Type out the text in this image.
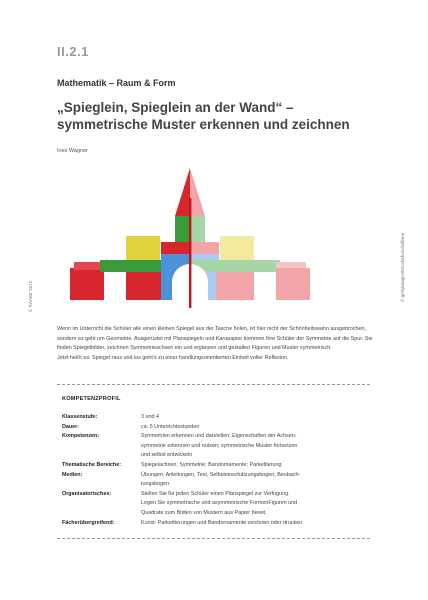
II.2.1
Mathematik – Raum & Form
„Spieglein, Spieglein an der Wand“ –
symmetrische Muster erkennen und zeichnen
Ines Wagner
© RAABE 2019	© gettyimages/iStockphoto/ioilbear

Wenn im Unterricht die Schüler alle einen kleinen Spiegel aus der Tasche holen, ist hier nicht der Schönheitswahn ausgebrochen, sondern es geht um Geometrie. Ausgerüstet mit Planspiegeln und Karopapier kommen Ihre Schüler der Symmetrie auf die Spur. Sie finden Spiegelbilder, zeichnen Symmetrieachsen ein und ergänzen und gestalten Figuren und Muster symmetrisch.

Jetzt heißt es: Spiegel raus und los geht’s zu einer handlungsorientierten Einheit voller Reflexion.

KOMPETENZPROFIL
Klassenstufe:	3 und 4
Dauer:	ca. 5 Unterrichtsstunden
Kompetenzen:	Symmetrien erkennen und darstellen; Eigenschaften der Achsen-
symmetrie erkennen und nutzen; symmetrische Muster fortsetzen
und selbst entwickeln
Thematische Bereiche:	Spiegelachsen; Symmetrie; Bandornamente; Parkettierung
Medien:	Übungen, Anleitungen, Test, Selbsteinschätzungsbogen, Beobach-
tungsbogen
Organisatorisches:	Stellen Sie für jeden Schüler einen Planspiegel zur Verfügung.
Legen Sie symmetrische und asymmetrische FormenFiguren und
Quadrate zum Bilden von Mustern aus Papier bereit.
Fächerübergreifend:	Kunst: Parkettierungen und Bandornamente zeichnen oder drucken
